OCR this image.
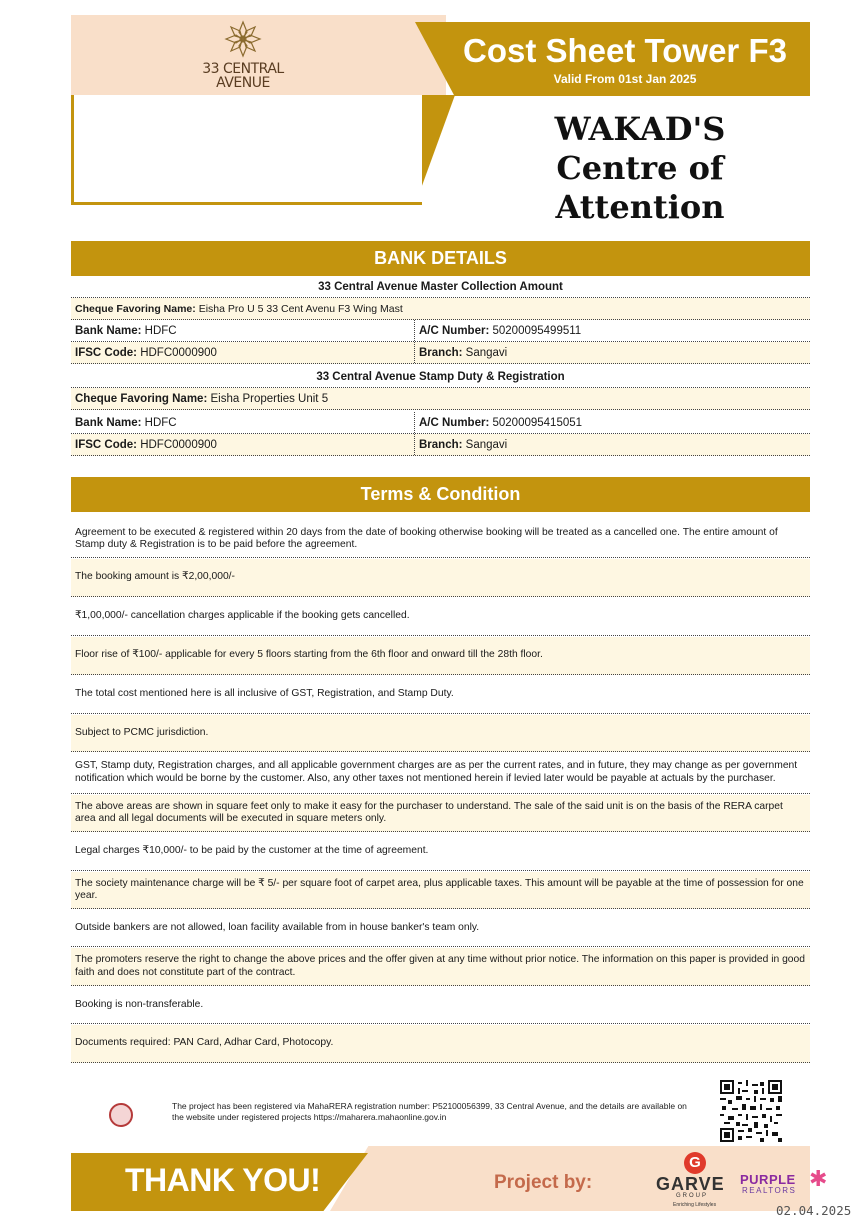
33 CENTRAL
AVENUE
Cost Sheet Tower F3
Valid From 01st Jan 2025
WAKAD'S
Centre of Attention
BANK DETAILS
33 Central Avenue Master Collection Amount
Cheque Favoring Name: Eisha Pro U 5 33 Cent Avenu F3 Wing Mast
Bank Name: HDFC	A/C Number: 50200095499511
IFSC Code: HDFC0000900	Branch: Sangavi
33 Central Avenue Stamp Duty & Registration
Cheque Favoring Name: Eisha Properties Unit 5
Bank Name: HDFC	A/C Number: 50200095415051
IFSC Code: HDFC0000900	Branch: Sangavi
Terms & Condition
Agreement to be executed & registered within 20 days from the date of booking otherwise booking will be treated as a cancelled one. The entire amount of Stamp duty & Registration is to be paid before the agreement.
The booking amount is ₹2,00,000/-
₹1,00,000/- cancellation charges applicable if the booking gets cancelled.
Floor rise of ₹100/- applicable for every 5 floors starting from the 6th floor and onward till the 28th floor.
The total cost mentioned here is all inclusive of GST, Registration, and Stamp Duty.
Subject to PCMC jurisdiction.
GST, Stamp duty, Registration charges, and all applicable government charges are as per the current rates, and in future, they may change as per government notification which would be borne by the customer. Also, any other taxes not mentioned herein if levied later would be payable at actuals by the purchaser.
The above areas are shown in square feet only to make it easy for the purchaser to understand. The sale of the said unit is on the basis of the RERA carpet area and all legal documents will be executed in square meters only.
Legal charges ₹10,000/- to be paid by the customer at the time of agreement.
The society maintenance charge will be ₹ 5/- per square foot of carpet area, plus applicable taxes. This amount will be payable at the time of possession for one year.
Outside bankers are not allowed, loan facility available from in house banker's team only.
The promoters reserve the right to change the above prices and the offer given at any time without prior notice. The information on this paper is provided in good faith and does not constitute part of the contract.
Booking is non-transferable.
Documents required: PAN Card, Adhar Card, Photocopy.
The project has been registered via MahaRERA registration number: P52100056399, 33 Central Avenue, and the details are available on the website under registered projects https://maharera.mahaonline.gov.in
THANK YOU!	Project by:
G
GARVE
GROUP
Enriching Lifestyles
PURPLE
REALTORS ✱
02.04.2025
